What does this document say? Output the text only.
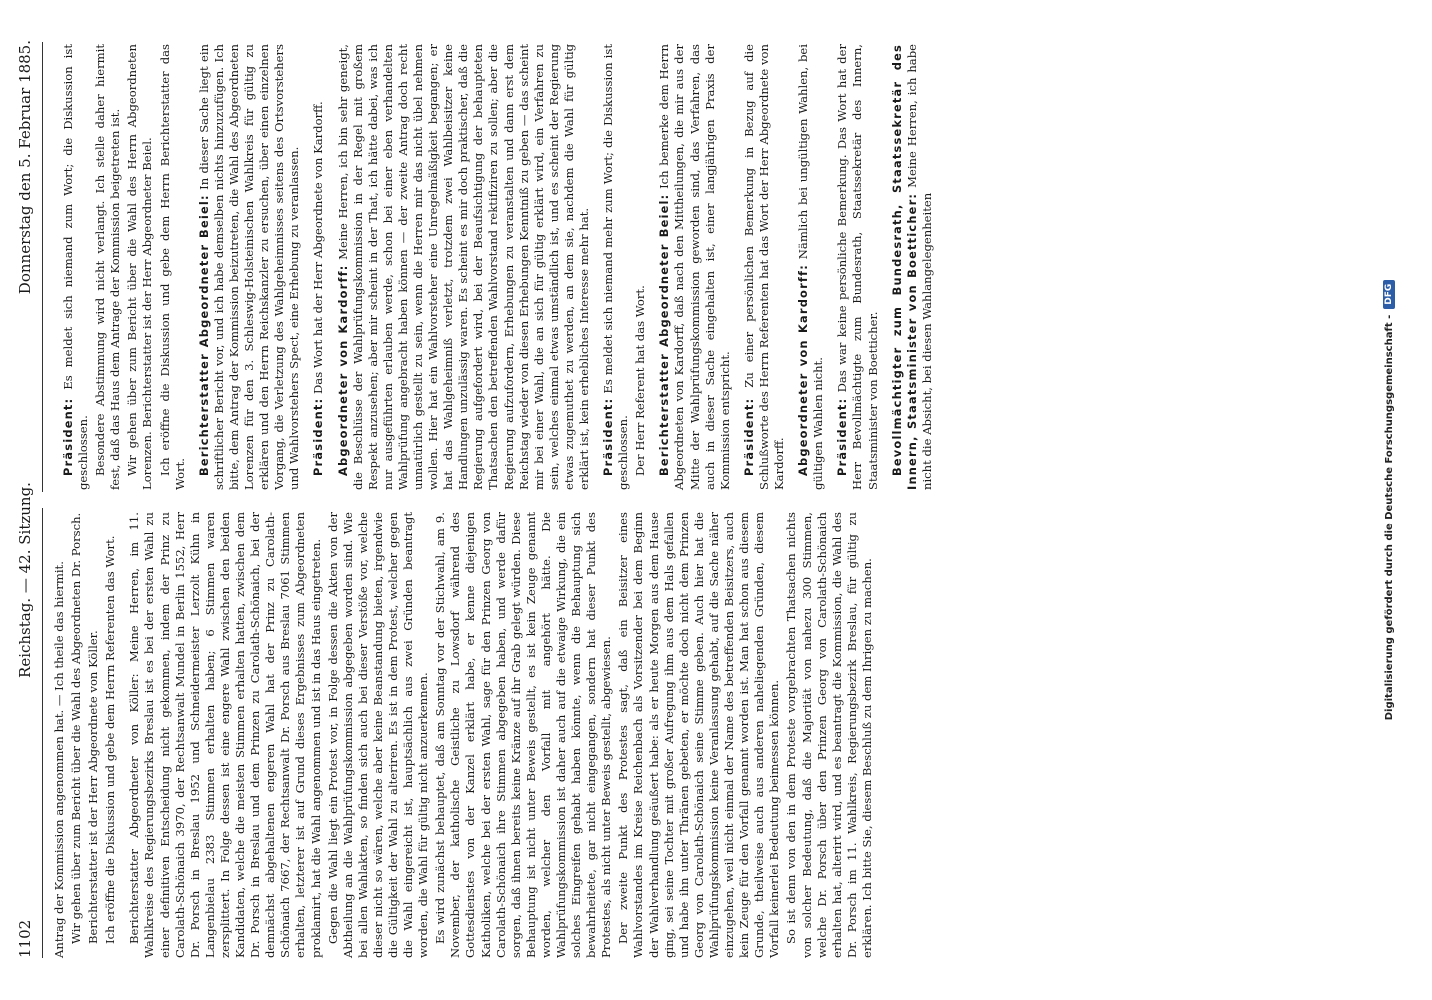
1102
Reichstag. — 42. Sitzung.
Donnerstag den 5. Februar 1885.

Antrag der Kommission angenommen hat. — Ich theile das hiermit. Wir gehen über zum Bericht über die Wahl des Abgeordneten Dr. Porsch. Berichterstatter ist der Herr Abgeordnete von Köller. Ich eröffne die Diskussion und gebe dem Herrn Referenten das Wort. Berichterstatter Abgeordneter von Köller: Meine Herren, im 11. Wahlkreise des Regierungsbezirks Breslau ist es bei der ersten Wahl zu einer definitiven Entscheidung nicht gekommen, indem der Prinz zu Carolath-Schönaich 3970, der Rechtsanwalt Mundel in Berlin 1552, Herr Dr. Porsch in Breslau 1952 und Schneidermeister Lerzolt Kühn in Langenbielau 2383 Stimmen erhalten haben; 6 Stimmen waren zersplittert. In Folge dessen ist eine engere Wahl zwischen den beiden Kandidaten, welche die meisten Stimmen erhalten hatten, zwischen dem Dr. Porsch in Breslau und dem Prinzen zu Carolath-Schönaich, bei der demnächst abgehaltenen engeren Wahl hat der Prinz zu Carolath-Schönaich 7667, der Rechtsanwalt Dr. Porsch aus Breslau 7061 Stimmen erhalten, letzterer ist auf Grund dieses Ergebnisses zum Abgeordneten proklamirt, hat die Wahl angenommen und ist in das Haus eingetreten. Gegen die Wahl liegt ein Protest vor, in Folge dessen die Akten von der Abtheilung an die Wahlprüfungskommission abgegeben worden sind. Wie bei allen Wahlakten, so finden sich auch bei dieser Verstöße vor, welche dieser nicht so wären, welche aber keine Beanstandung bieten, irgendwie die Gültigkeit der Wahl zu alteriren. Es ist in dem Protest, welcher gegen die Wahl eingereicht ist, hauptsächlich aus zwei Gründen beantragt worden, die Wahl für gültig nicht anzuerkennen. Es wird zunächst behauptet, daß am Sonntag vor der Stichwahl, am 9. November, der katholische Geistliche zu Lowsdorf während des Gottesdienstes von der Kanzel erklärt habe, er kenne diejenigen Katholiken, welche bei der ersten Wahl, sage für den Prinzen Georg von Carolath-Schönaich ihre Stimmen abgegeben haben, und werde dafür sorgen, daß ihnen bereits keine Kränze auf ihr Grab gelegt würden. Diese Behauptung ist nicht unter Beweis gestellt, es ist kein Zeuge genannt worden, welcher den Vorfall mit angehört hätte. Die Wahlprüfungskommission ist daher auch auf die etwaige Wirkung, die ein solches Eingreifen gehabt haben könnte, wenn die Behauptung sich bewahrheitete, gar nicht eingegangen, sondern hat dieser Punkt des Protestes, als nicht unter Beweis gestellt, abgewiesen. Der zweite Punkt des Protestes sagt, daß ein Beisitzer eines Wahlvorstandes im Kreise Reichenbach als Vorsitzender bei dem Beginn der Wahlverhandlung geäußert habe: als er heute Morgen aus dem Hause ging, sei seine Tochter mit großer Aufregung ihm aus dem Hals gefallen und habe ihn unter Thränen gebeten, er möchte doch nicht dem Prinzen Georg von Carolath-Schönaich seine Stimme geben. Auch hier hat die Wahlprüfungskommission keine Veranlassung gehabt, auf die Sache näher einzugehen, weil nicht einmal der Name des betreffenden Beisitzers, auch kein Zeuge für den Vorfall genannt worden ist. Man hat schon aus diesem Grunde, theilweise auch aus anderen naheliegenden Gründen, diesem Vorfall keinerlei Bedeutung beimessen können. So ist denn von den in dem Proteste vorgebrachten Thatsachen nichts von solcher Bedeutung, daß die Majorität von nahezu 300 Stimmen, welche Dr. Porsch über den Prinzen Georg von Carolath-Schönaich erhalten hat, alterirt wird, und es beantragt die Kommission, die Wahl des Dr. Porsch im 11. Wahlkreis, Regierungsbezirk Breslau, für gültig zu erklären. Ich bitte Sie, diesem Beschluß zu dem Ihrigen zu machen.

Präsident: Es meldet sich niemand zum Wort; die Diskussion ist geschlossen. Besondere Abstimmung wird nicht verlangt. Ich stelle daher hiermit fest, daß das Haus dem Antrage der Kommission beigetreten ist. Wir gehen über zum Bericht über die Wahl des Herrn Abgeordneten Lorenzen. Berichterstatter ist der Herr Abgeordneter Beiel. Ich eröffne die Diskussion und gebe dem Herrn Berichterstatter das Wort. Berichterstatter Abgeordneter Beiel: In dieser Sache liegt ein schriftlicher Bericht vor, und ich habe demselben nichts hinzuzufügen. Ich bitte, dem Antrag der Kommission beizutreten, die Wahl des Abgeordneten Lorenzen für den 3. Schleswig-Holsteinischen Wahlkreis für gültig zu erklären und den Herrn Reichskanzler zu ersuchen, über einen einzelnen Vorgang, die Verletzung des Wahlgeheimnisses seitens des Ortsvorstehers und Wahlvorstehers Spect, eine Erhebung zu veranlassen. Präsident: Das Wort hat der Herr Abgeordnete von Kardorff. Abgeordneter von Kardorff: Meine Herren, ich bin sehr geneigt, die Beschlüsse der Wahlprüfungskommission in der Regel mit großem Respekt anzusehen; aber mir scheint in der That, ich hätte dabei, was ich nur ausgeführten erlauben werde, schon bei einer eben verhandelten Wahlprüfung angebracht haben können — der zweite Antrag doch recht unnatürlich gestellt zu sein, wenn die Herren mir das nicht übel nehmen wollen. Hier hat ein Wahlvorsteher eine Unregelmäßigkeit begangen; er hat das Wahlgeheimniß verletzt, trotzdem zwei Wahlbeisitzer keine Handlungen unzulässig waren. Es scheint es mir doch praktischer, daß die Regierung aufgefordert wird, bei der Beaufsichtigung der behaupteten Thatsachen den betreffenden Wahlvorstand rektifiziren zu sollen; aber die Regierung aufzufordern, Erhebungen zu veranstalten und dann erst dem Reichstag wieder von diesen Erhebungen Kenntniß zu geben — das scheint mir bei einer Wahl, die an sich für gültig erklärt wird, ein Verfahren zu sein, welches einmal etwas umständlich ist, und es scheint der Regierung etwas zugemuthet zu werden, an dem sie, nachdem die Wahl für gültig erklärt ist, kein erhebliches Interesse mehr hat. Präsident: Es meldet sich niemand mehr zum Wort; die Diskussion ist geschlossen. Der Herr Referent hat das Wort. Berichterstatter Abgeordneter Beiel: Ich bemerke dem Herrn Abgeordneten von Kardorff, daß nach den Mittheilungen, die mir aus der Mitte der Wahlprüfungskommission geworden sind, das Verfahren, das auch in dieser Sache eingehalten ist, einer langjährigen Praxis der Kommission entspricht. Präsident: Zu einer persönlichen Bemerkung in Bezug auf die Schlußworte des Herrn Referenten hat das Wort der Herr Abgeordnete von Kardorff. Abgeordneter von Kardorff: Nämlich bei ungültigen Wahlen, bei gültigen Wahlen nicht. Präsident: Das war keine persönliche Bemerkung. Das Wort hat der Herr Bevollmächtigte zum Bundesrath, Staatssekretär des Innern, Staatsminister von Boetticher. Bevollmächtigter zum Bundesrath, Staatssekretär des Innern, Staatsminister von Boetticher: Meine Herren, ich habe nicht die Absicht, bei diesen Wahlangelegenheiten	Digitalisierung gefördert durch die Deutsche Forschungsgemeinschaft -DFG
